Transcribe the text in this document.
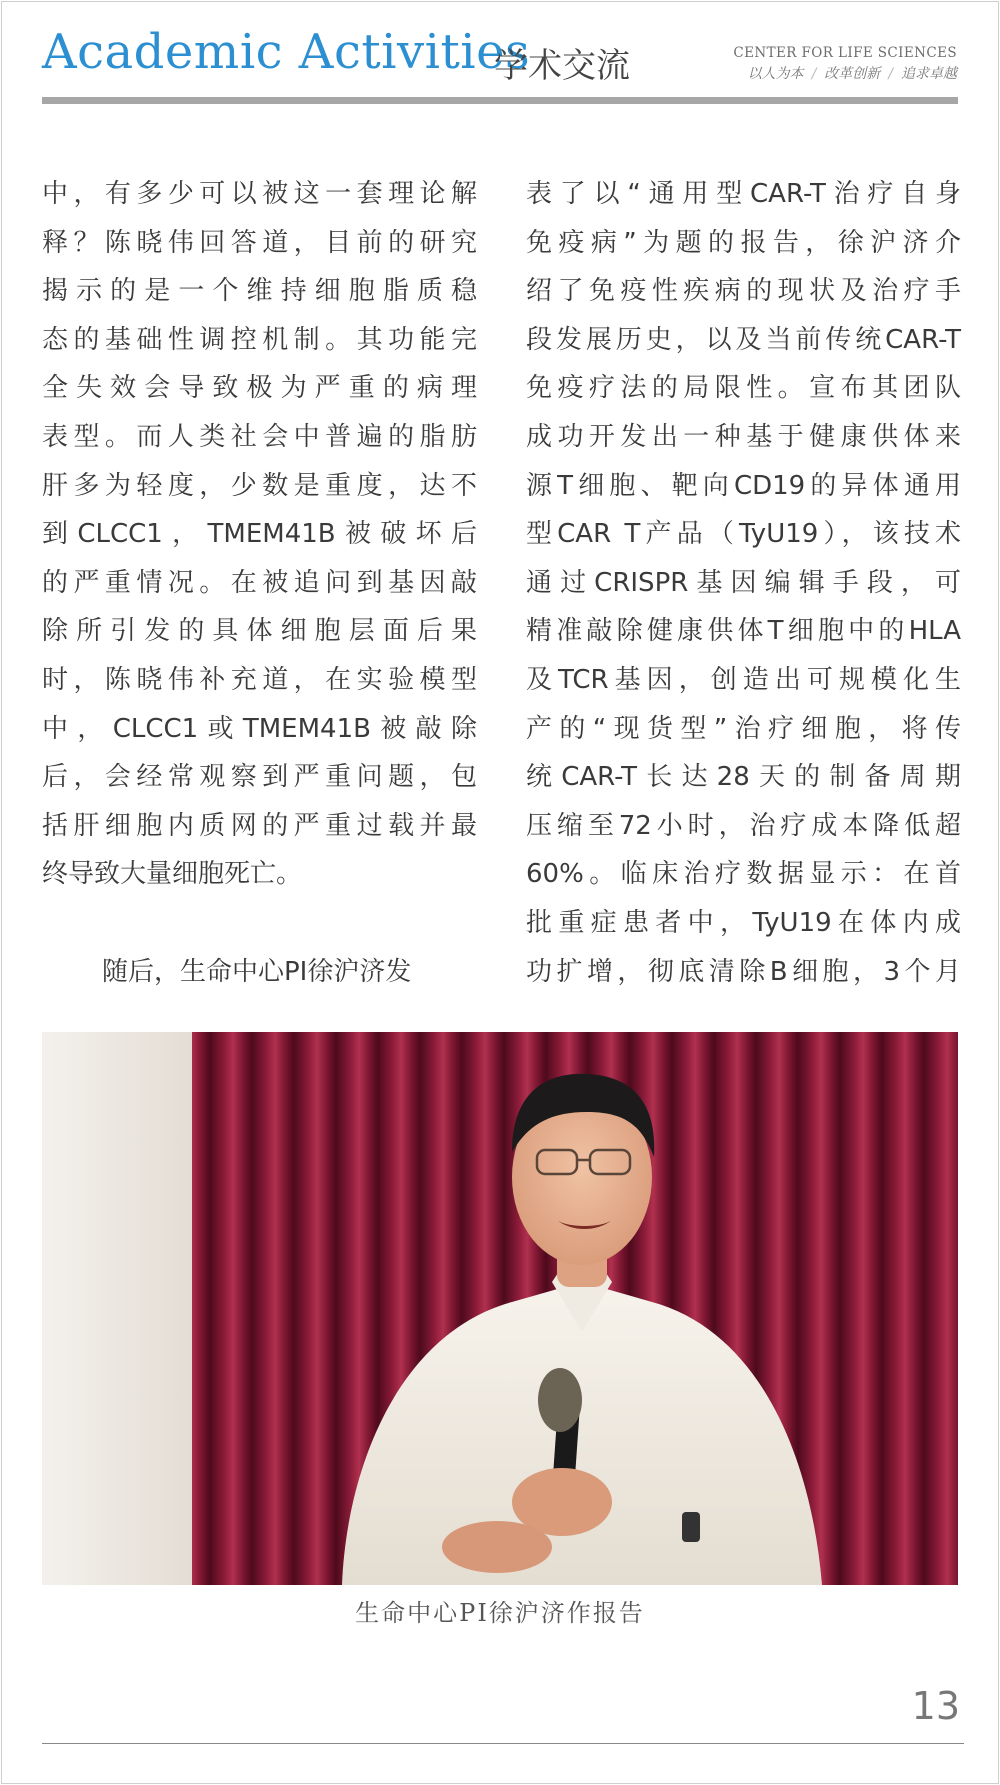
Academic Activities
学术交流	CENTER FOR LIFE SCIENCES
以人为本 / 改革创新 / 追求卓越
中，有多少可以被这一套理论解
释？陈晓伟回答道，目前的研究
揭示的是一个维持细胞脂质稳
态的基础性调控机制。其功能完
全失效会导致极为严重的病理
表型。而人类社会中普遍的脂肪
肝多为轻度，少数是重度，达不
到CLCC1，TMEM41B被破坏后
的严重情况。在被追问到基因敲
除所引发的具体细胞层面后果
时，陈晓伟补充道，在实验模型
中，CLCC1或TMEM41B被敲除
后，会经常观察到严重问题，包
括肝细胞内质网的严重过载并最
终导致大量细胞死亡。
随后，生命中心PI徐沪济发
表了以“通用型CAR-T治疗自身
免疫病”为题的报告，徐沪济介
绍了免疫性疾病的现状及治疗手
段发展历史，以及当前传统CAR-T
免疫疗法的局限性。宣布其团队
成功开发出一种基于健康供体来
源T细胞、靶向CD19的异体通用
型CAR T产品（TyU19），该技术
通过CRISPR基因编辑手段，可
精准敲除健康供体T细胞中的HLA
及TCR基因，创造出可规模化生
产的“现货型”治疗细胞，将传
统CAR-T长达28天的制备周期
压缩至72小时，治疗成本降低超
60%。临床治疗数据显示：在首
批重症患者中，TyU19在体内成
功扩增，彻底清除B细胞，3个月
生命中心PI徐沪济作报告
13
